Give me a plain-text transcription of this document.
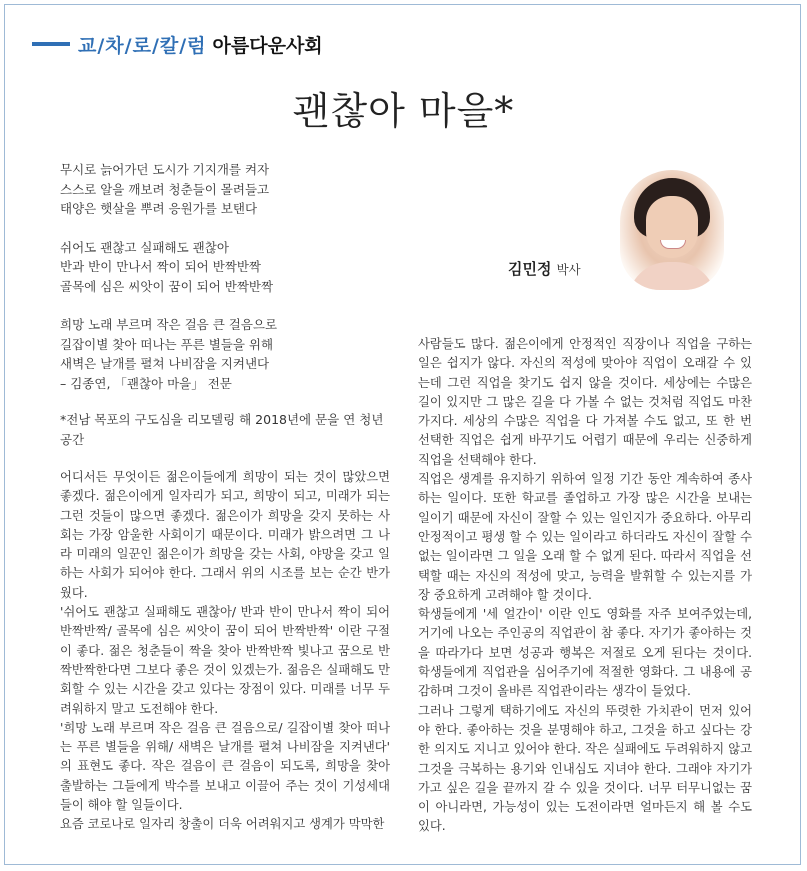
교/차/로/칼/럼 아름다운사회
괜찮아 마을*
무시로 늙어가던 도시가 기지개를 켜자
스스로 알을 깨보려 청춘들이 몰려들고
태양은 햇살을 뿌려 응원가를 보탠다
쉬어도 괜찮고 실패해도 괜찮아
반과 반이 만나서 짝이 되어 반짝반짝
골목에 심은 씨앗이 꿈이 되어 반짝반짝
희망 노래 부르며 작은 걸음 큰 걸음으로
길잡이별 찾아 떠나는 푸른 별들을 위해
새벽은 날개를 펼쳐 나비잠을 지켜낸다
– 김종연, 「괜찮아 마을」 전문
*전남 목포의 구도심을 리모델링 해 2018년에 문을 연 청년 공간
김민정 박사

어디서든 무엇이든 젊은이들에게 희망이 되는 것이 많았으면 좋겠다. 젊은이에게 일자리가 되고, 희망이 되고, 미래가 되는 그런 것들이 많으면 좋겠다. 젊은이가 희망을 갖지 못하는 사회는 가장 암울한 사회이기 때문이다. 미래가 밝으려면 그 나라 미래의 일꾼인 젊은이가 희망을 갖는 사회, 야망을 갖고 일하는 사회가 되어야 한다. 그래서 위의 시조를 보는 순간 반가웠다.

'쉬어도 괜찮고 실패해도 괜찮아/ 반과 반이 만나서 짝이 되어 반짝반짝/ 골목에 심은 씨앗이 꿈이 되어 반짝반짝' 이란 구절이 좋다. 젊은 청춘들이 짝을 찾아 반짝반짝 빛나고 꿈으로 반짝반짝한다면 그보다 좋은 것이 있겠는가. 젊음은 실패해도 만회할 수 있는 시간을 갖고 있다는 장점이 있다. 미래를 너무 두려워하지 말고 도전해야 한다.

'희망 노래 부르며 작은 걸음 큰 걸음으로/ 길잡이별 찾아 떠나는 푸른 별들을 위해/ 새벽은 날개를 펼쳐 나비잠을 지켜낸다' 의 표현도 좋다. 작은 걸음이 큰 걸음이 되도록, 희망을 찾아 출발하는 그들에게 박수를 보내고 이끌어 주는 것이 기성세대들이 해야 할 일들이다.

요즘 코로나로 일자리 창출이 더욱 어려워지고 생계가 막막한

사람들도 많다. 젊은이에게 안정적인 직장이나 직업을 구하는 일은 쉽지가 않다. 자신의 적성에 맞아야 직업이 오래갈 수 있는데 그런 직업을 찾기도 쉽지 않을 것이다. 세상에는 수많은 길이 있지만 그 많은 길을 다 가볼 수 없는 것처럼 직업도 마찬가지다. 세상의 수많은 직업을 다 가져볼 수도 없고, 또 한 번 선택한 직업은 쉽게 바꾸기도 어렵기 때문에 우리는 신중하게 직업을 선택해야 한다.

직업은 생계를 유지하기 위하여 일정 기간 동안 계속하여 종사하는 일이다. 또한 학교를 졸업하고 가장 많은 시간을 보내는 일이기 때문에 자신이 잘할 수 있는 일인지가 중요하다. 아무리 안정적이고 평생 할 수 있는 일이라고 하더라도 자신이 잘할 수 없는 일이라면 그 일을 오래 할 수 없게 된다. 따라서 직업을 선택할 때는 자신의 적성에 맞고, 능력을 발휘할 수 있는지를 가장 중요하게 고려해야 할 것이다.

학생들에게 '세 얼간이' 이란 인도 영화를 자주 보여주었는데, 거기에 나오는 주인공의 직업관이 참 좋다. 자기가 좋아하는 것을 따라가다 보면 성공과 행복은 저절로 오게 된다는 것이다. 학생들에게 직업관을 심어주기에 적절한 영화다. 그 내용에 공감하며 그것이 올바른 직업관이라는 생각이 들었다.

그러나 그렇게 택하기에도 자신의 뚜렷한 가치관이 먼저 있어야 한다. 좋아하는 것을 분명해야 하고, 그것을 하고 싶다는 강한 의지도 지니고 있어야 한다. 작은 실패에도 두려워하지 않고 그것을 극복하는 용기와 인내심도 지녀야 한다. 그래야 자기가 가고 싶은 길을 끝까지 갈 수 있을 것이다. 너무 터무니없는 꿈이 아니라면, 가능성이 있는 도전이라면 얼마든지 해 볼 수도 있다.
